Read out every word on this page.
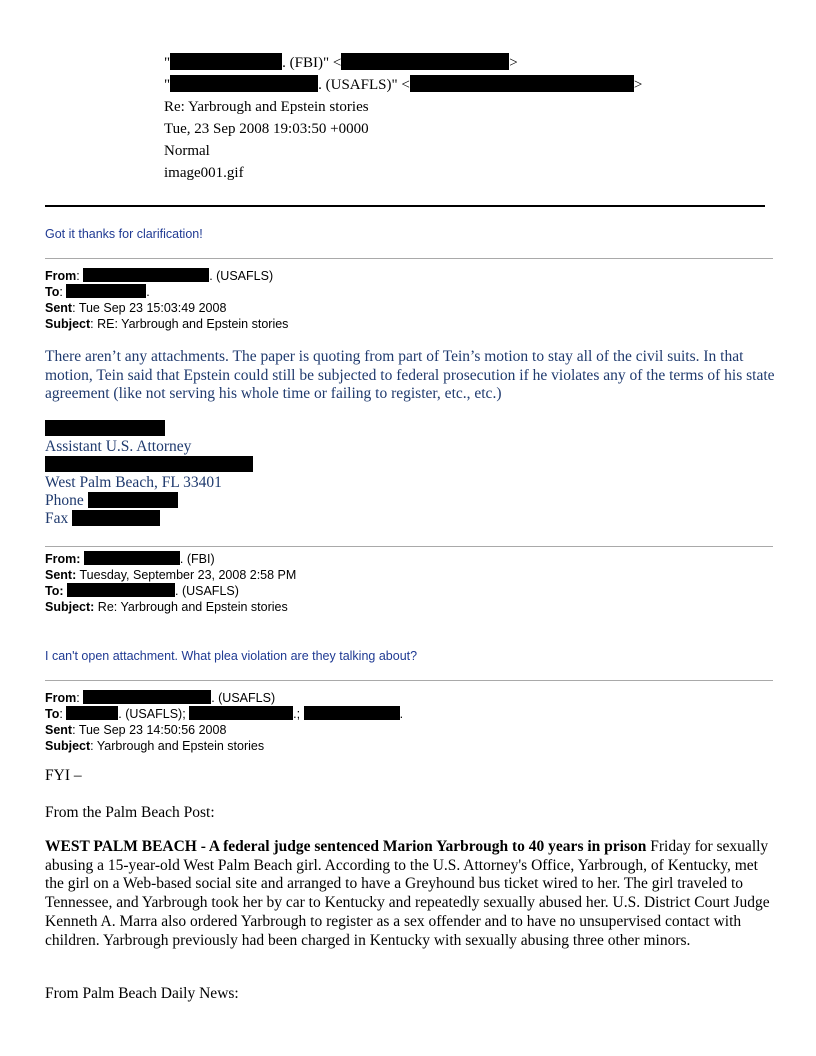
"	. (FBI)" <	>
"	. (USAFLS)" <	>
Re: Yarbrough and Epstein stories
Tue, 23 Sep 2008 19:03:50 +0000
Normal
image001.gif
Got it thanks for clarification!
From:	. (USAFLS)
To:	.
Sent: Tue Sep 23 15:03:49 2008
Subject: RE: Yarbrough and Epstein stories
There aren’t any attachments. The paper is quoting from part of Tein’s motion to stay all of the civil suits. In that motion, Tein said that Epstein could still be subjected to federal prosecution if he violates any of the terms of his state agreement (like not serving his whole time or failing to register, etc., etc.)
Assistant U.S. Attorney
West Palm Beach, FL 33401
Phone
Fax
From:	. (FBI)
Sent: Tuesday, September 23, 2008 2:58 PM
To:	. (USAFLS)
Subject: Re: Yarbrough and Epstein stories
I can't open attachment. What plea violation are they talking about?
From:	. (USAFLS)
To:	. (USAFLS);	.;	.
Sent: Tue Sep 23 14:50:56 2008
Subject: Yarbrough and Epstein stories
FYI –
From the Palm Beach Post:
WEST PALM BEACH - A federal judge sentenced Marion Yarbrough to 40 years in prison Friday for sexually abusing a 15-year-old West Palm Beach girl. According to the U.S. Attorney's Office, Yarbrough, of Kentucky, met the girl on a Web-based social site and arranged to have a Greyhound bus ticket wired to her. The girl traveled to Tennessee, and Yarbrough took her by car to Kentucky and repeatedly sexually abused her. U.S. District Court Judge Kenneth A. Marra also ordered Yarbrough to register as a sex offender and to have no unsupervised contact with children. Yarbrough previously had been charged in Kentucky with sexually abusing three other minors.
From Palm Beach Daily News:
